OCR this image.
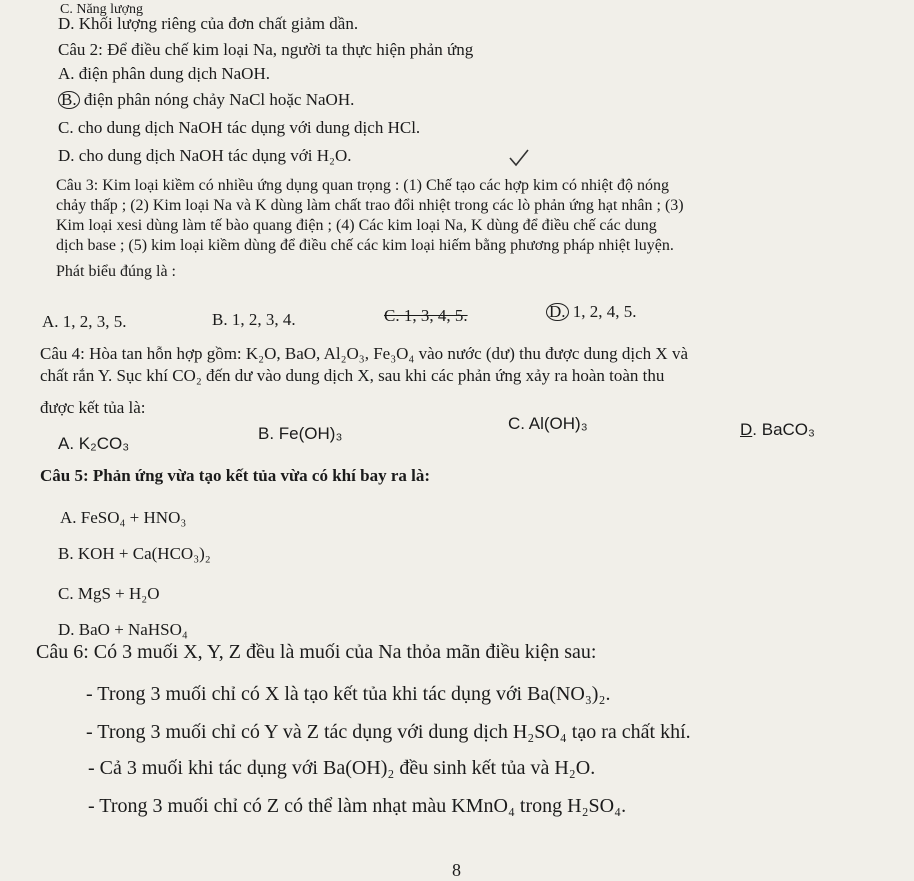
C. Năng lượng
D. Khối lượng riêng của đơn chất giảm dần.
Câu 2: Để điều chế kim loại Na, người ta thực hiện phản ứng
A. điện phân dung dịch NaOH.
B. điện phân nóng chảy NaCl hoặc NaOH.
C. cho dung dịch NaOH tác dụng với dung dịch HCl.
D. cho dung dịch NaOH tác dụng với H₂O.
Câu 3: Kim loại kiềm có nhiều ứng dụng quan trọng : (1) Chế tạo các hợp kim có nhiệt độ nóng
chảy thấp ; (2) Kim loại Na và K dùng làm chất trao đổi nhiệt trong các lò phản ứng hạt nhân ; (3)
Kim loại xesi dùng làm tế bào quang điện ; (4) Các kim loại Na, K dùng để điều chế các dung
dịch base ; (5) kim loại kiềm dùng để điều chế các kim loại hiếm bằng phương pháp nhiệt luyện.
Phát biểu đúng là :
A. 1, 2, 3, 5.	B. 1, 2, 3, 4.	C. 1, 3, 4, 5.	D. 1, 2, 4, 5.
Câu 4: Hòa tan hỗn hợp gồm: K₂O, BaO, Al₂O₃, Fe₃O₄ vào nước (dư) thu được dung dịch X và
chất rắn Y. Sục khí CO₂ đến dư vào dung dịch X, sau khi các phản ứng xảy ra hoàn toàn thu
được kết tủa là:
A. K₂CO₃
B. Fe(OH)₃
C. Al(OH)₃	D. BaCO₃
Câu 5: Phản ứng vừa tạo kết tủa vừa có khí bay ra là:
A. FeSO₄ + HNO₃
B. KOH + Ca(HCO₃)₂
C. MgS + H₂O
D. BaO + NaHSO₄
Câu 6: Có 3 muối X, Y, Z đều là muối của Na thỏa mãn điều kiện sau:
- Trong 3 muối chỉ có X là tạo kết tủa khi tác dụng với Ba(NO₃)₂.
- Trong 3 muối chỉ có Y và Z tác dụng với dung dịch H₂SO₄ tạo ra chất khí.
- Cả 3 muối khi tác dụng với Ba(OH)₂ đều sinh kết tủa và H₂O.
- Trong 3 muối chỉ có Z có thể làm nhạt màu KMnO₄ trong H₂SO₄.
8
